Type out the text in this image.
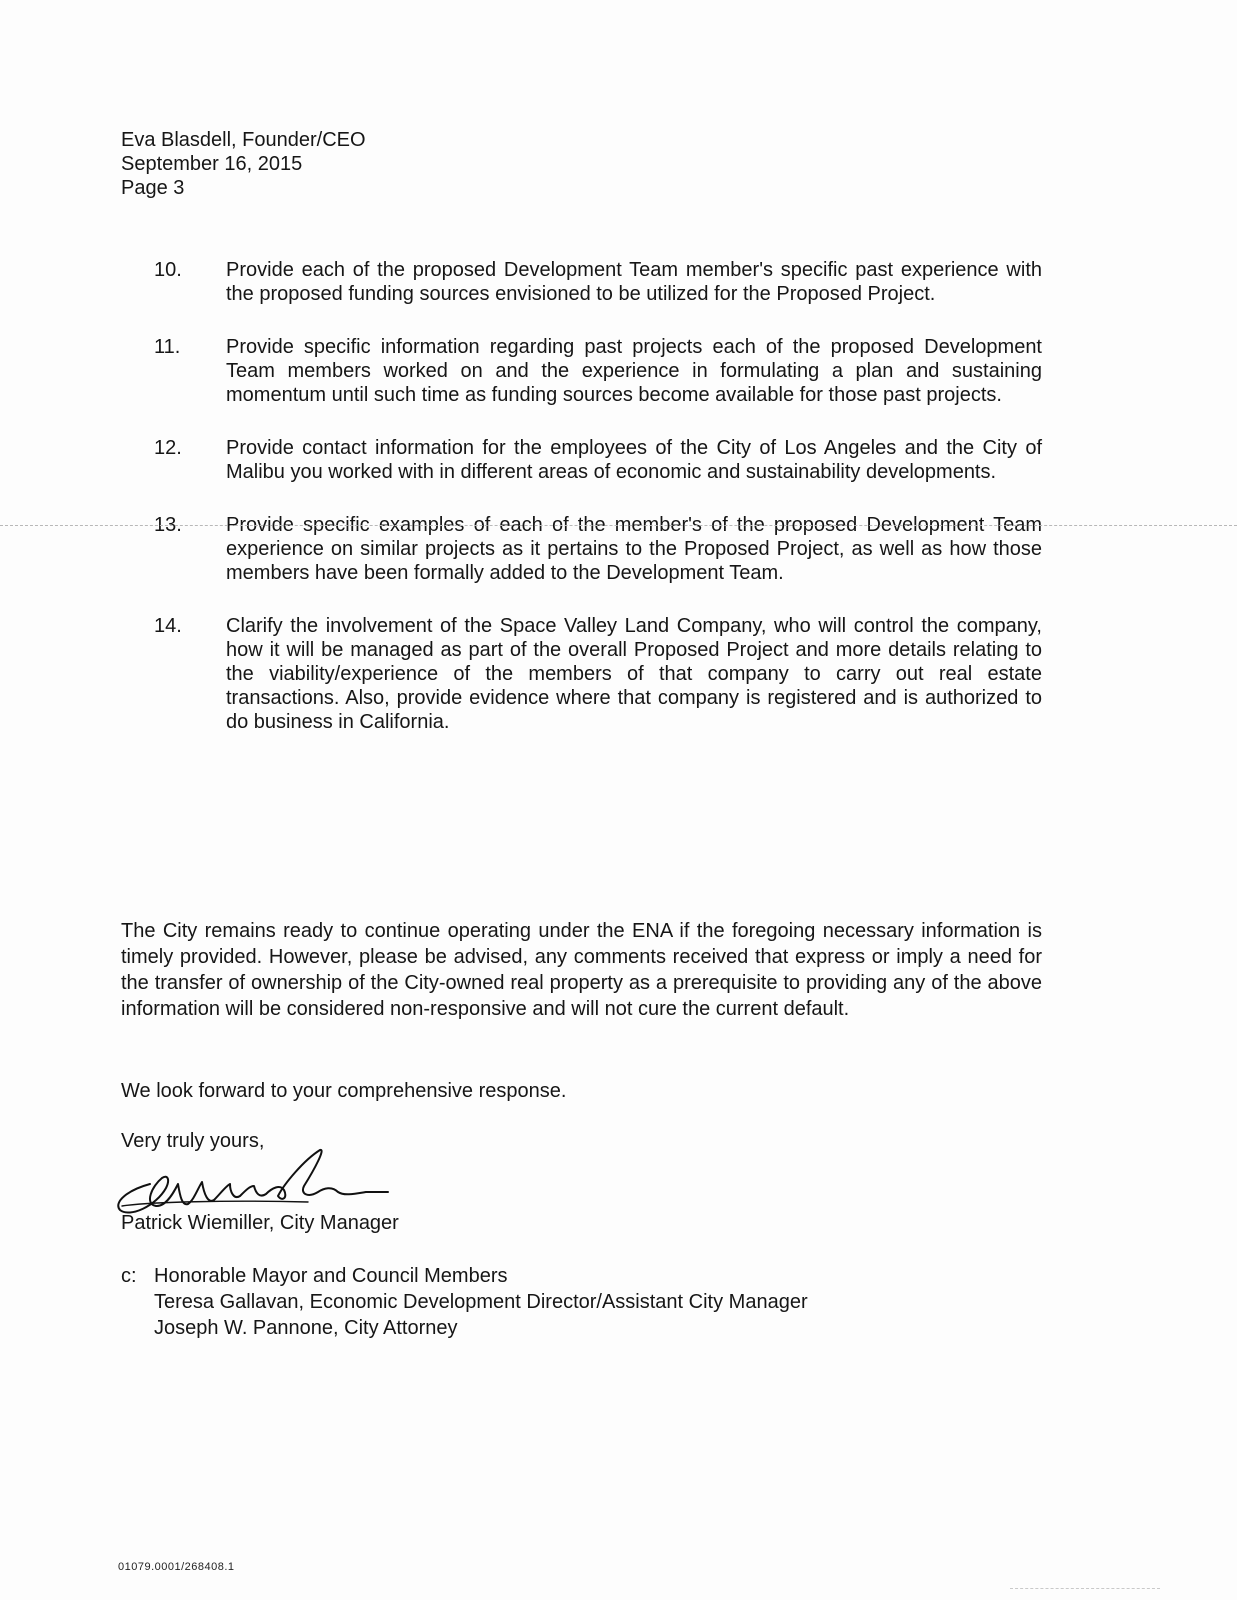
Eva Blasdell, Founder/CEO
September 16, 2015
Page 3
10.	Provide each of the proposed Development Team member's specific past experience with the proposed funding sources envisioned to be utilized for the Proposed Project.
11.	Provide specific information regarding past projects each of the proposed Development Team members worked on and the experience in formulating a plan and sustaining momentum until such time as funding sources become available for those past projects.
12.	Provide contact information for the employees of the City of Los Angeles and the City of Malibu you worked with in different areas of economic and sustainability developments.
13.	Provide specific examples of each of the member's of the proposed Development Team experience on similar projects as it pertains to the Proposed Project, as well as how those members have been formally added to the Development Team.
14.	Clarify the involvement of the Space Valley Land Company, who will control the company, how it will be managed as part of the overall Proposed Project and more details relating to the viability/experience of the members of that company to carry out real estate transactions. Also, provide evidence where that company is registered and is authorized to do business in California.
The City remains ready to continue operating under the ENA if the foregoing necessary information is timely provided. However, please be advised, any comments received that express or imply a need for the transfer of ownership of the City-owned real property as a prerequisite to providing any of the above information will be considered non-responsive and will not cure the current default.
We look forward to your comprehensive response.
Very truly yours,
Patrick Wiemiller, City Manager
c: Honorable Mayor and Council Members
Teresa Gallavan, Economic Development Director/Assistant City Manager
Joseph W. Pannone, City Attorney
01079.0001/268408.1
